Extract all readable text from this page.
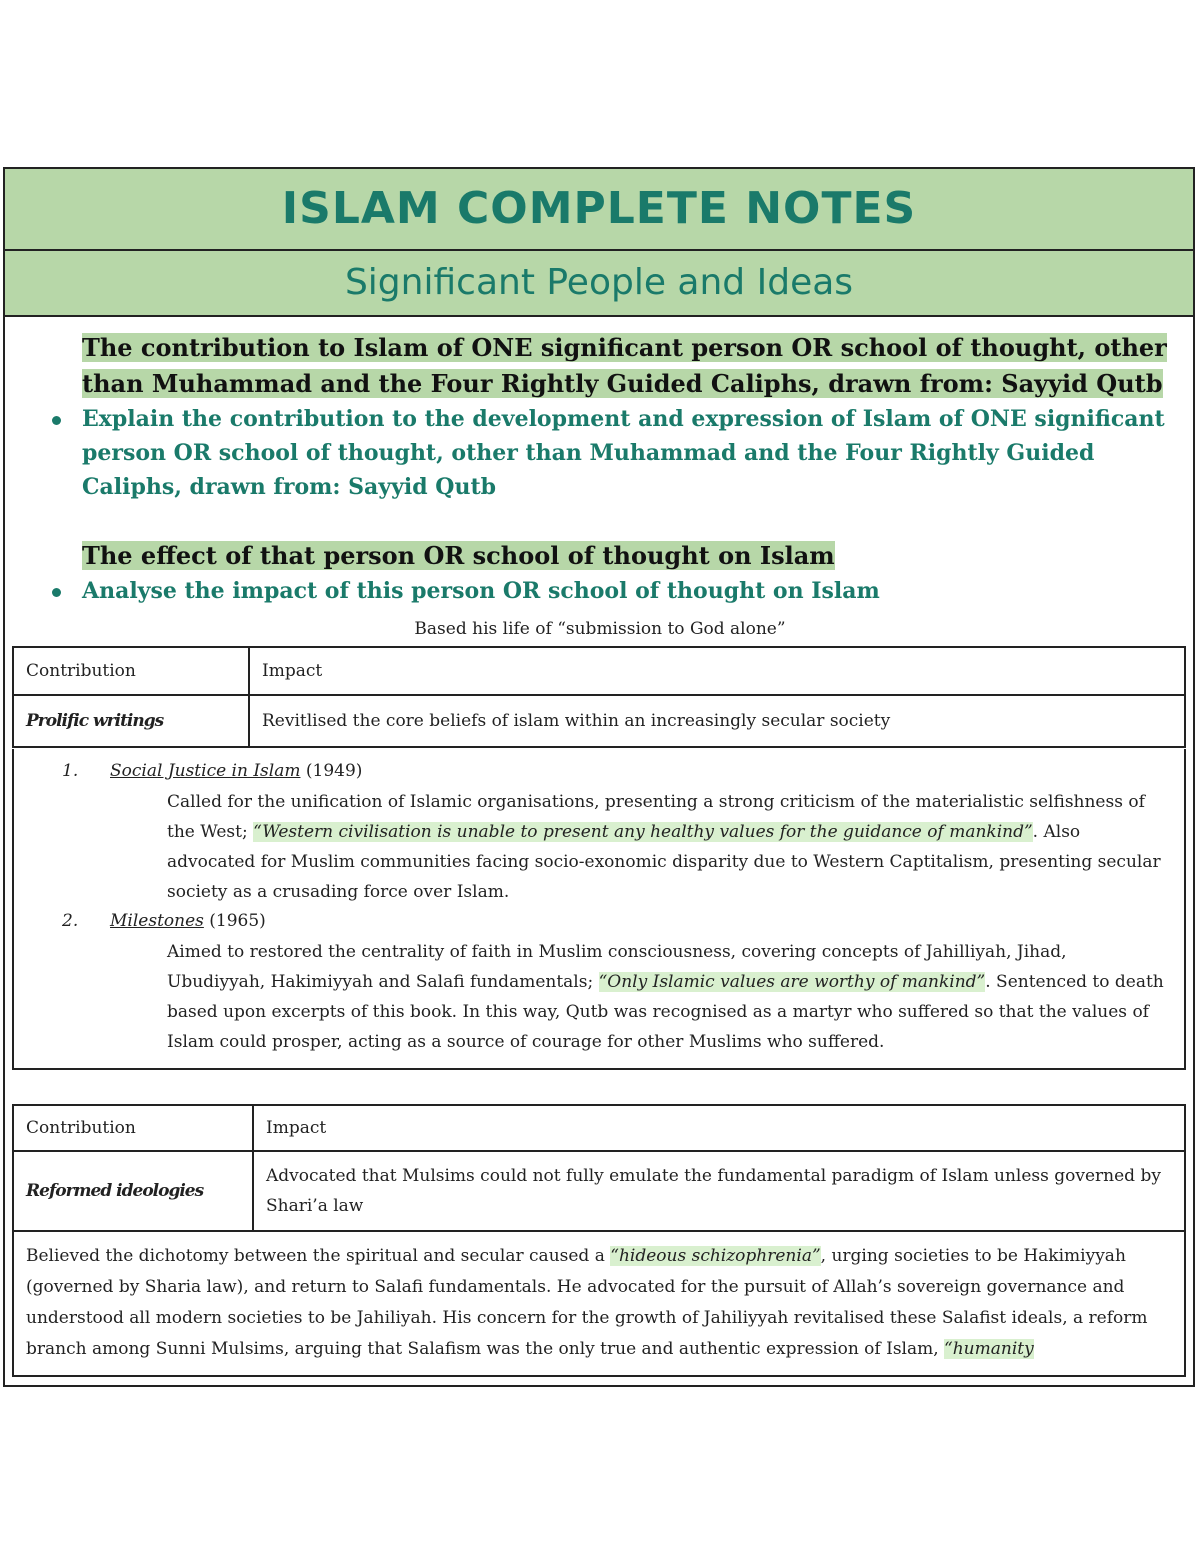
ISLAM COMPLETE NOTES
Significant People and Ideas
The contribution to Islam of ONE significant person OR school of thought, other than Muhammad and the Four Rightly Guided Caliphs, drawn from: Sayyid Qutb
Explain the contribution to the development and expression of Islam of ONE significant person OR school of thought, other than Muhammad and the Four Rightly Guided Caliphs, drawn from: Sayyid Qutb
The effect of that person OR school of thought on Islam
Analyse the impact of this person OR school of thought on Islam
Based his life of “submission to God alone”
Contribution	Impact
Prolific writings	Revitlised the core beliefs of islam within an increasingly secular society
1. Social Justice in Islam (1949)
Called for the unification of Islamic organisations, presenting a strong criticism of the materialistic selfishness of the West; “Western civilisation is unable to present any healthy values for the guidance of mankind”. Also advocated for Muslim communities facing socio-exonomic disparity due to Western Captitalism, presenting secular society as a crusading force over Islam.
2. Milestones (1965)
Aimed to restored the centrality of faith in Muslim consciousness, covering concepts of Jahilliyah, Jihad, Ubudiyyah, Hakimiyyah and Salafi fundamentals; “Only Islamic values are worthy of mankind”. Sentenced to death based upon excerpts of this book. In this way, Qutb was recognised as a martyr who suffered so that the values of Islam could prosper, acting as a source of courage for other Muslims who suffered.
Contribution	Impact
Reformed ideologies	Advocated that Mulsims could not fully emulate the fundamental paradigm of Islam unless governed by Shari’a law
Believed the dichotomy between the spiritual and secular caused a “hideous schizophrenia”, urging societies to be Hakimiyyah (governed by Sharia law), and return to Salafi fundamentals. He advocated for the pursuit of Allah’s sovereign governance and understood all modern societies to be Jahiliyah. His concern for the growth of Jahiliyyah revitalised these Salafist ideals, a reform branch among Sunni Mulsims, arguing that Salafism was the only true and authentic expression of Islam, “humanity
